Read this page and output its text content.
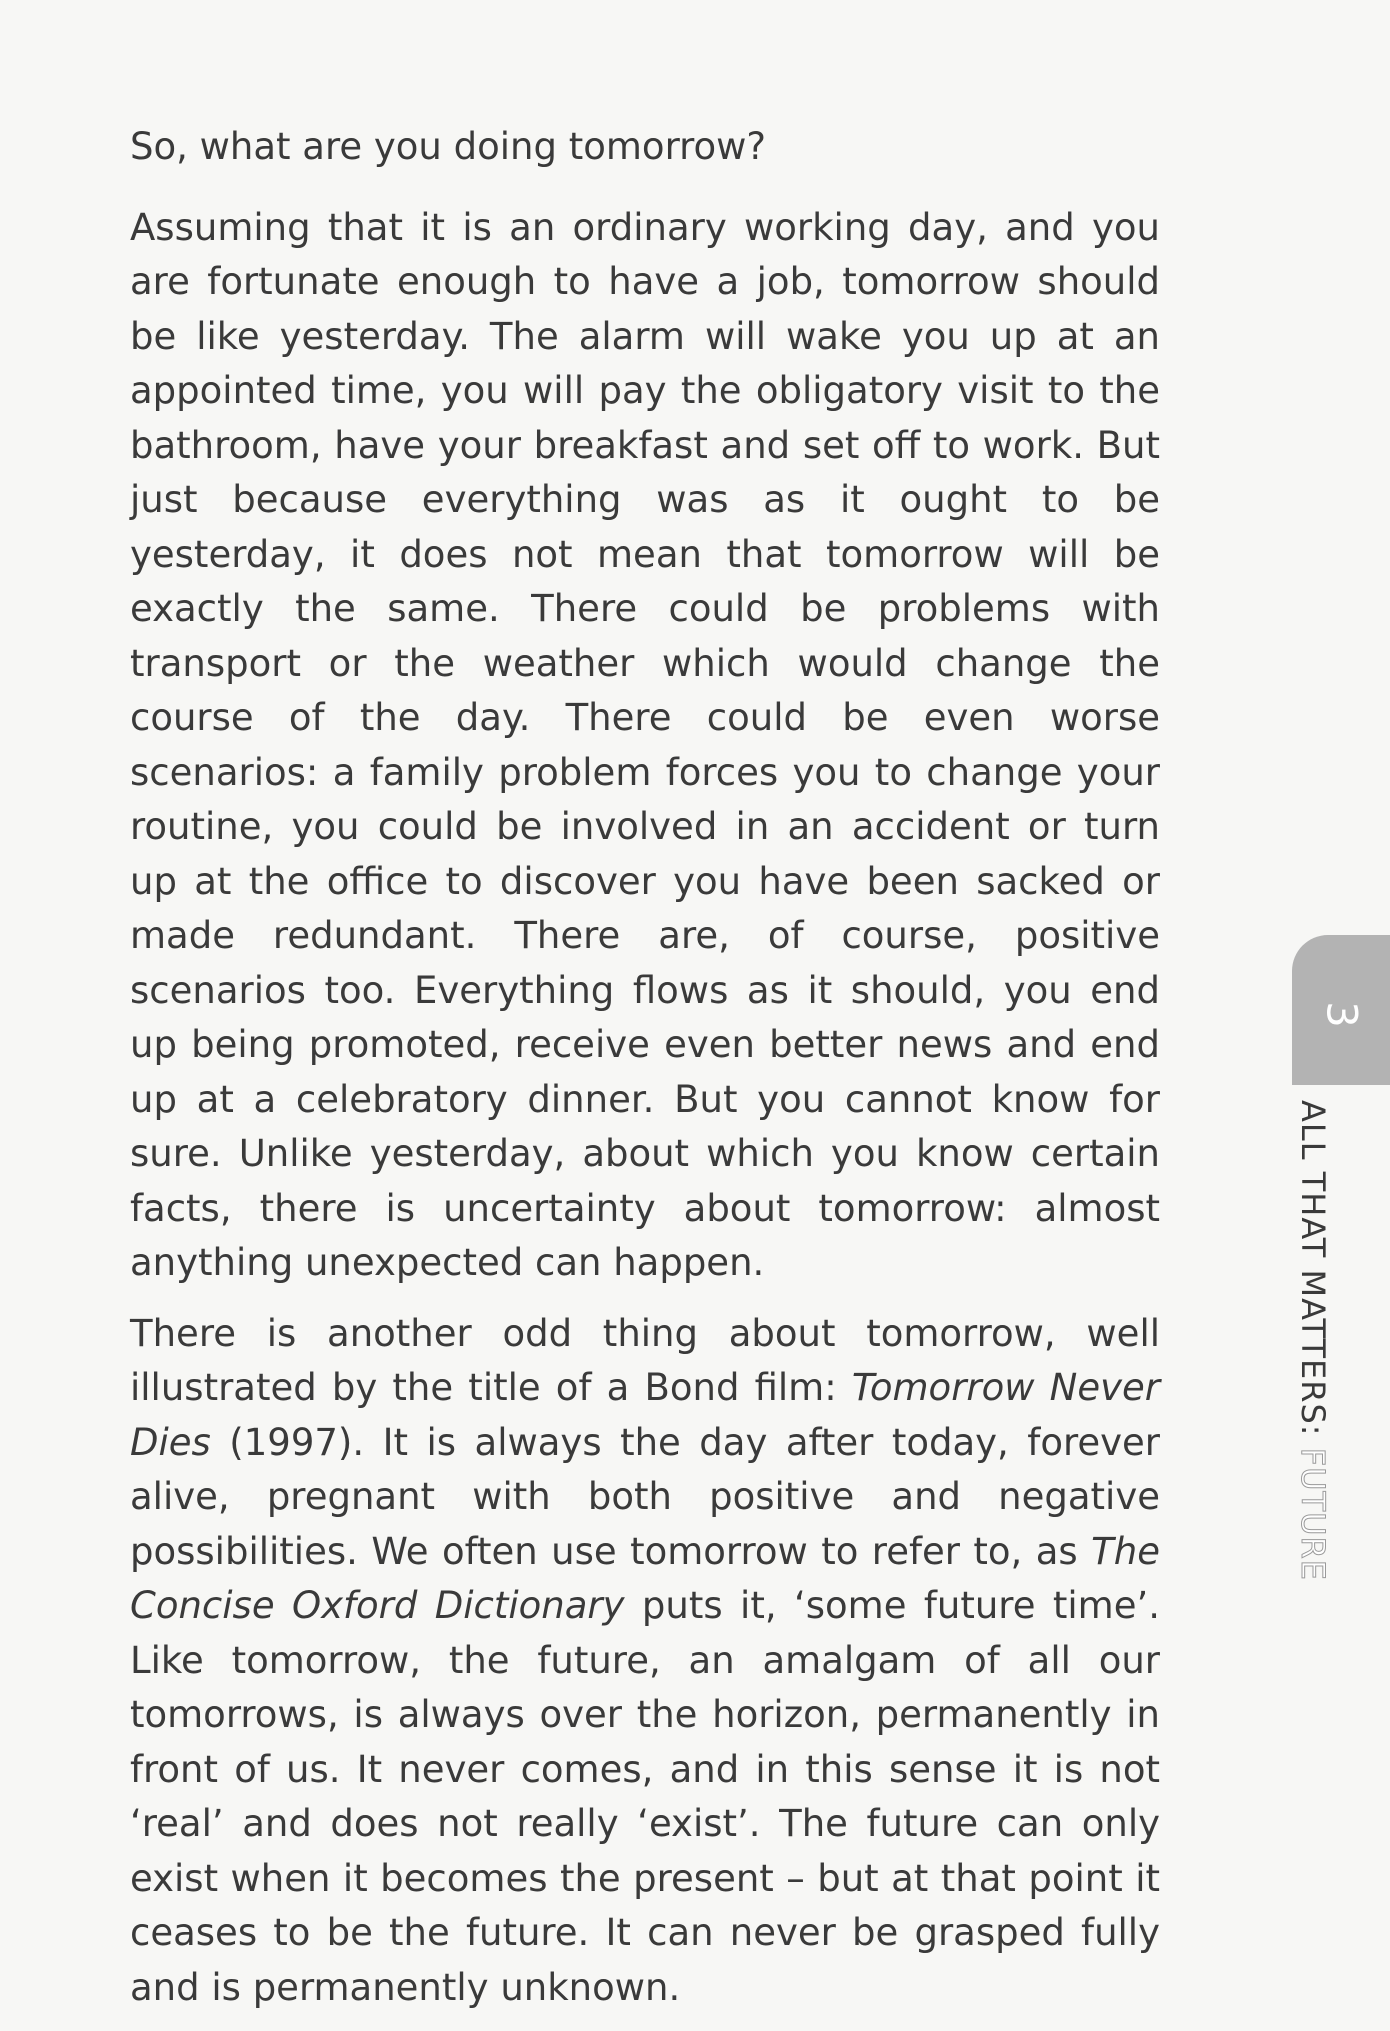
So, what are you doing tomorrow?

Assuming that it is an ordinary working day, and you are fortunate enough to have a job, tomorrow should be like yesterday. The alarm will wake you up at an appointed time, you will pay the obligatory visit to the bathroom, have your breakfast and set off to work. But just because everything was as it ought to be yesterday, it does not mean that tomorrow will be exactly the same. There could be problems with transport or the weather which would change the course of the day. There could be even worse scenarios: a family problem forces you to change your routine, you could be involved in an accident or turn up at the office to discover you have been sacked or made redundant. There are, of course, positive scenarios too. Everything flows as it should, you end up being promoted, receive even better news and end up at a celebratory dinner. But you cannot know for sure. Unlike yesterday, about which you know certain facts, there is uncertainty about tomorrow: almost anything unexpected can happen.

There is another odd thing about tomorrow, well illustrated by the title of a Bond film: Tomorrow Never Dies (1997). It is always the day after today, forever alive, pregnant with both positive and negative possibilities. We often use tomorrow to refer to, as The Concise Oxford Dictionary puts it, ‘some future time’. Like tomorrow, the future, an amalgam of all our tomorrows, is always over the horizon, permanently in front of us. It never comes, and in this sense it is not ‘real’ and does not really ‘exist’. The future can only exist when it becomes the present – but at that point it ceases to be the future. It can never be grasped fully and is permanently unknown.

3
ALL THAT MATTERS: FUTURE
